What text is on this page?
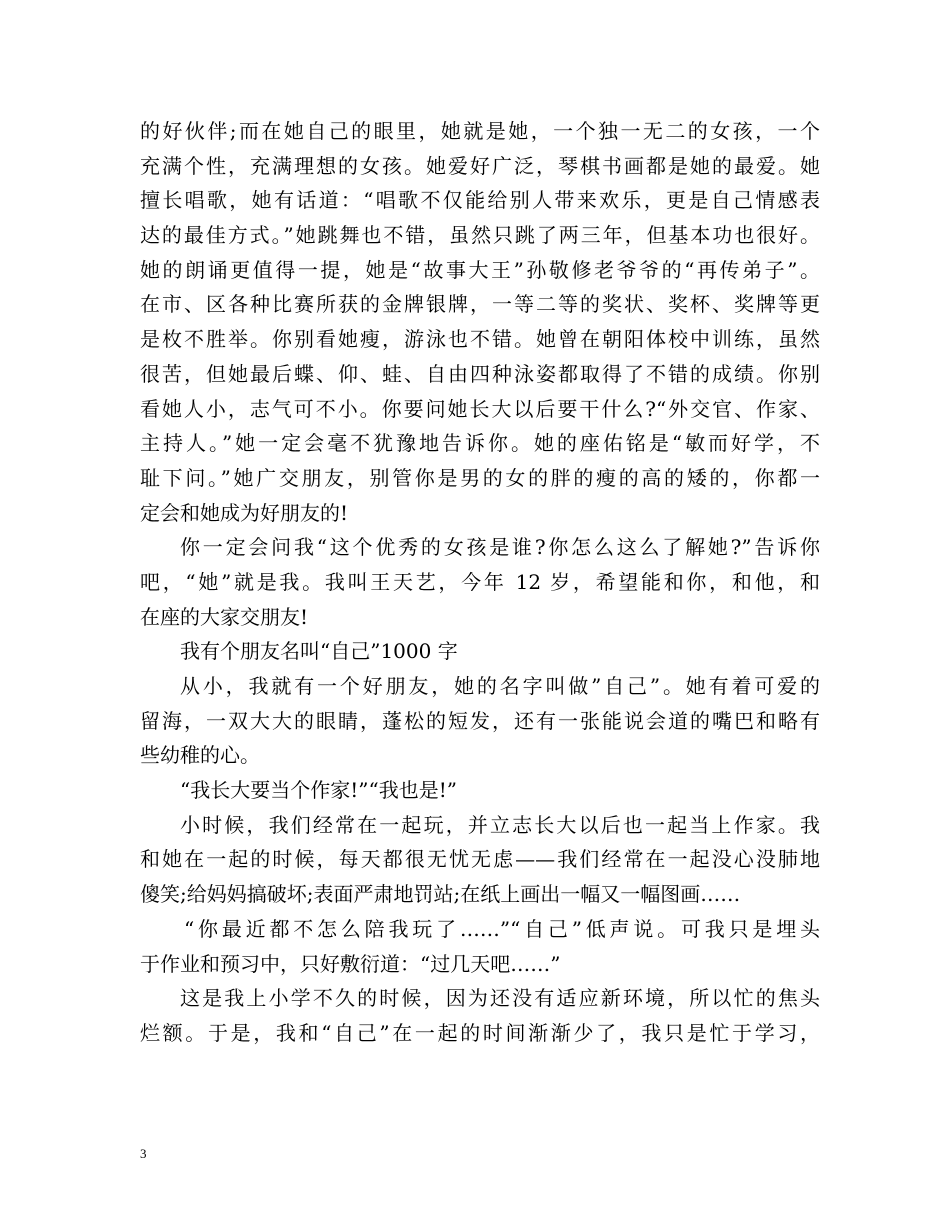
的好伙伴;而在她自己的眼里，她就是她，一个独一无二的女孩，一个
充满个性，充满理想的女孩。她爱好广泛，琴棋书画都是她的最爱。她
擅长唱歌，她有话道：“唱歌不仅能给别人带来欢乐，更是自己情感表
达的最佳方式。”她跳舞也不错，虽然只跳了两三年，但基本功也很好。
她的朗诵更值得一提，她是“故事大王”孙敬修老爷爷的“再传弟子”。
在市、区各种比赛所获的金牌银牌，一等二等的奖状、奖杯、奖牌等更
是枚不胜举。你别看她瘦，游泳也不错。她曾在朝阳体校中训练，虽然
很苦，但她最后蝶、仰、蛙、自由四种泳姿都取得了不错的成绩。你别
看她人小，志气可不小。你要问她长大以后要干什么?“外交官、作家、
主持人。”她一定会毫不犹豫地告诉你。她的座佑铭是“敏而好学，不
耻下问。”她广交朋友，别管你是男的女的胖的瘦的高的矮的，你都一
定会和她成为好朋友的!
你一定会问我“这个优秀的女孩是谁?你怎么这么了解她?”告诉你
吧，“她”就是我。我叫王天艺，今年 12 岁，希望能和你，和他，和
在座的大家交朋友!
我有个朋友名叫“自己”1000 字
从小，我就有一个好朋友，她的名字叫做”自己”。她有着可爱的
留海，一双大大的眼睛，蓬松的短发，还有一张能说会道的嘴巴和略有
些幼稚的心。
“我长大要当个作家!”“我也是!”
小时候，我们经常在一起玩，并立志长大以后也一起当上作家。我
和她在一起的时候，每天都很无忧无虑——我们经常在一起没心没肺地
傻笑;给妈妈搞破坏;表面严肃地罚站;在纸上画出一幅又一幅图画……
“你最近都不怎么陪我玩了……”“自己”低声说。可我只是埋头
于作业和预习中，只好敷衍道：“过几天吧……”
这是我上小学不久的时候，因为还没有适应新环境，所以忙的焦头
烂额。于是，我和“自己”在一起的时间渐渐少了，我只是忙于学习，
3
